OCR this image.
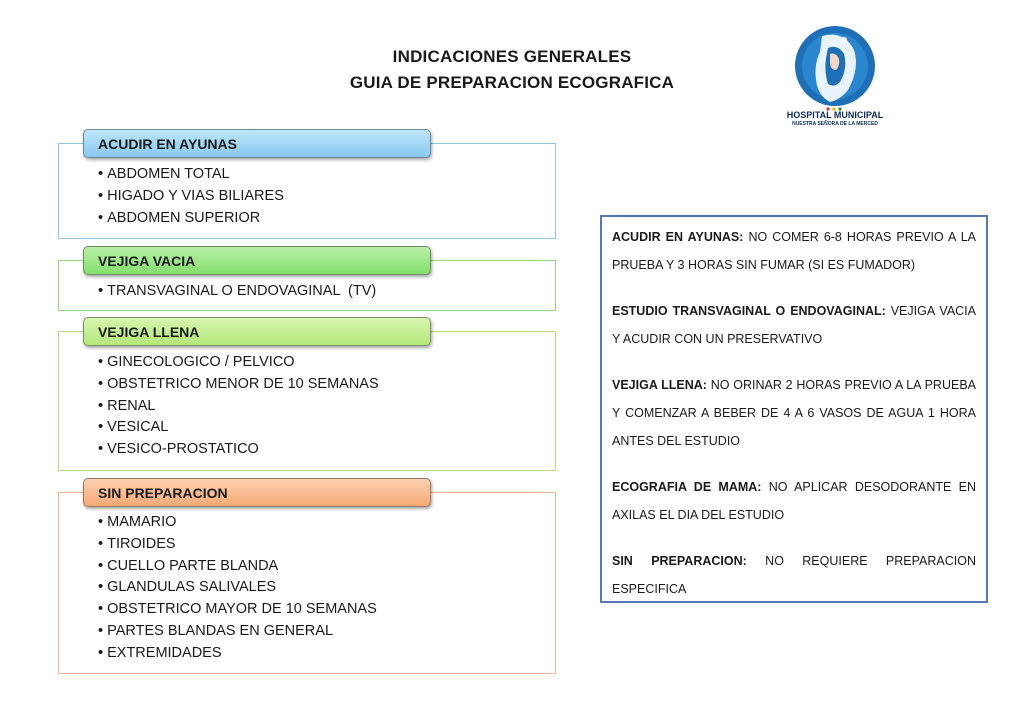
INDICACIONES GENERALES
GUIA DE PREPARACION ECOGRAFICA
HOSPITAL MUNICIPAL
NUESTRA SEÑORA DE LA MERCED
ACUDIR EN AYUNAS
• ABDOMEN TOTAL
• HIGADO Y VIAS BILIARES
• ABDOMEN SUPERIOR
VEJIGA VACIA
• TRANSVAGINAL O ENDOVAGINAL  (TV)
VEJIGA LLENA
• GINECOLOGICO / PELVICO
• OBSTETRICO MENOR DE 10 SEMANAS
• RENAL
• VESICAL
• VESICO-PROSTATICO
SIN PREPARACION
• MAMARIO
• TIROIDES
• CUELLO PARTE BLANDA
• GLANDULAS SALIVALES
• OBSTETRICO MAYOR DE 10 SEMANAS
• PARTES BLANDAS EN GENERAL
• EXTREMIDADES

ACUDIR EN AYUNAS: NO COMER 6-8 HORAS PREVIO A LA PRUEBA Y 3 HORAS SIN FUMAR (SI ES FUMADOR)

ESTUDIO TRANSVAGINAL O ENDOVAGINAL: VEJIGA VACIA Y ACUDIR CON UN PRESERVATIVO

VEJIGA LLENA: NO ORINAR 2 HORAS PREVIO A LA PRUEBA Y COMENZAR A BEBER DE 4 A 6 VASOS DE AGUA 1 HORA ANTES DEL ESTUDIO

ECOGRAFIA DE MAMA: NO APLICAR DESODORANTE EN AXILAS EL DIA DEL ESTUDIO

SIN PREPARACION: NO REQUIERE PREPARACION ESPECIFICA
